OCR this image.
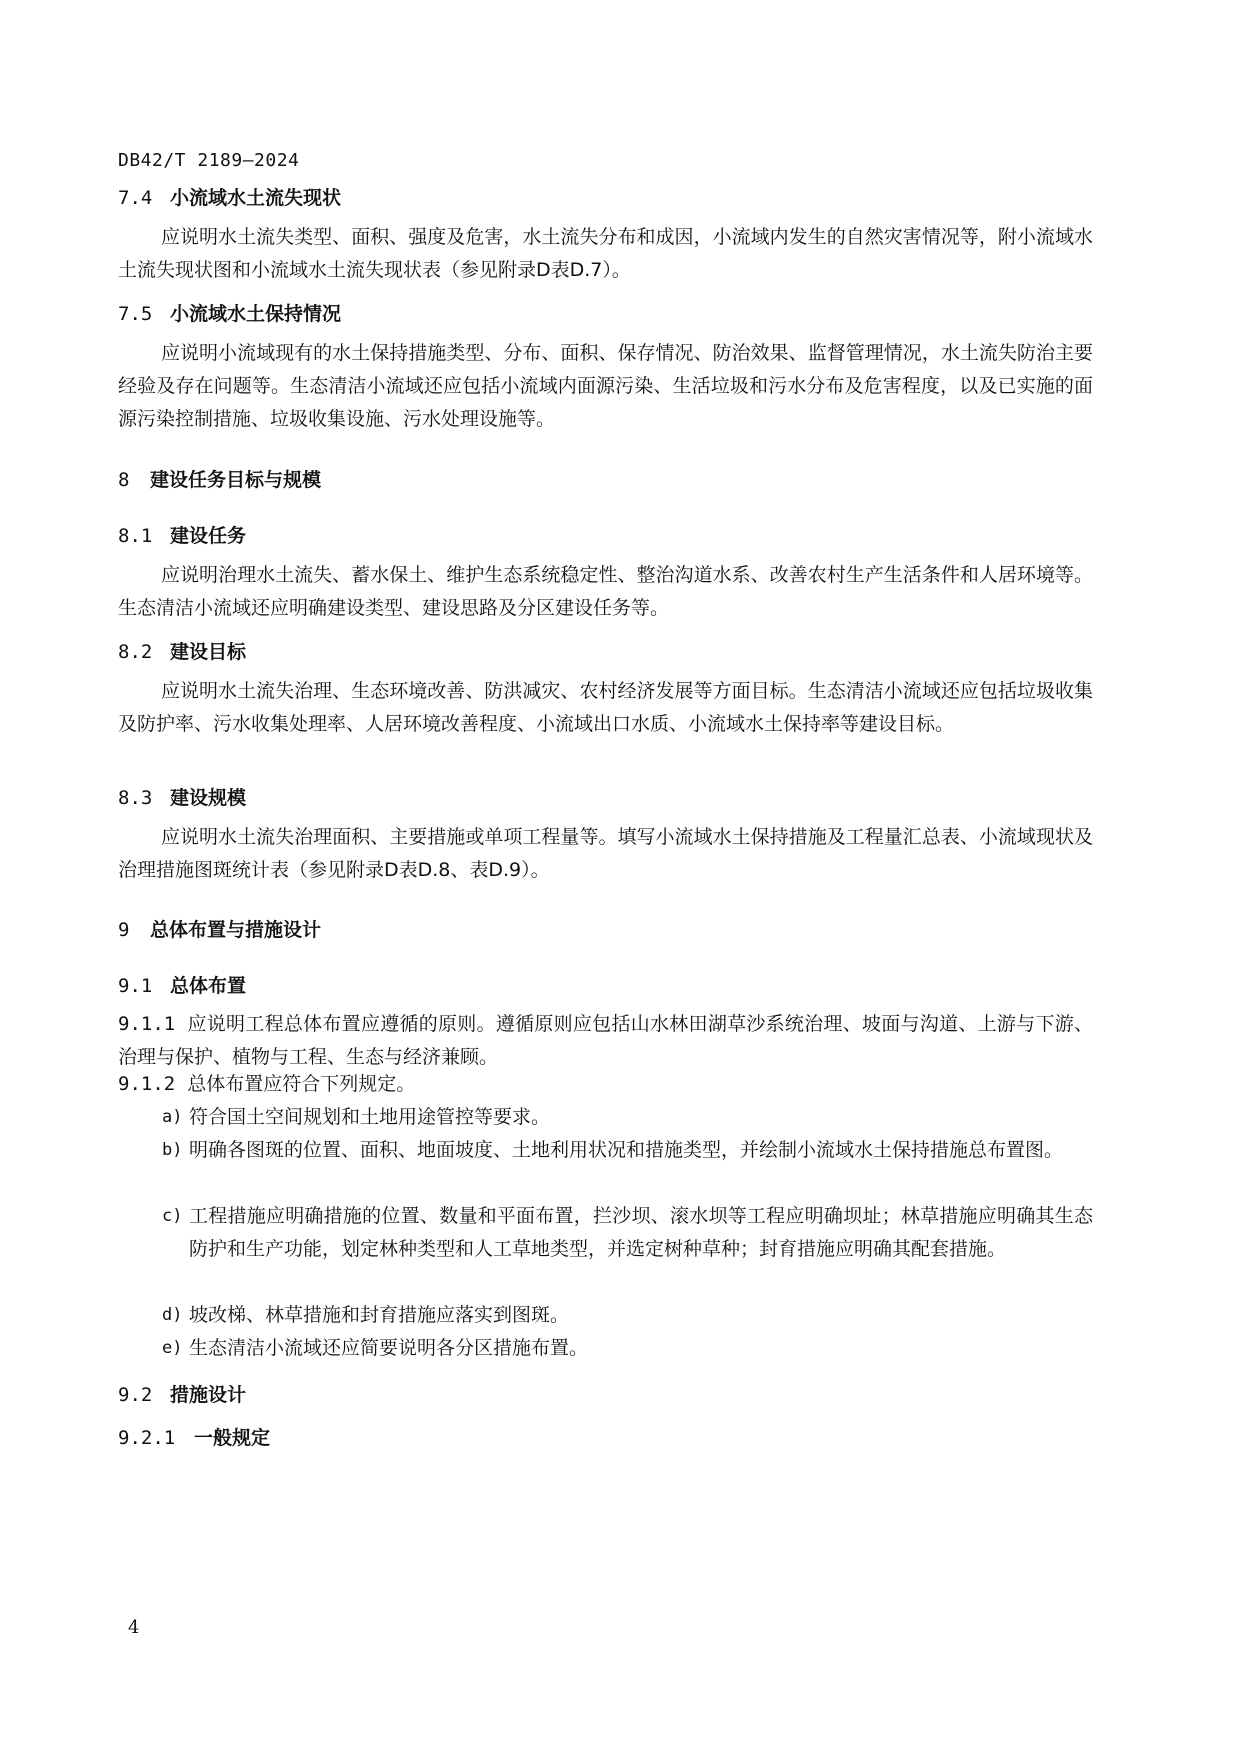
DB42/T 2189—2024
7.4 小流域水土流失现状
应说明水土流失类型、面积、强度及危害，水土流失分布和成因，小流域内发生的自然灾害情况等，附小流域水土流失现状图和小流域水土流失现状表（参见附录D表D.7）。
7.5 小流域水土保持情况
应说明小流域现有的水土保持措施类型、分布、面积、保存情况、防治效果、监督管理情况，水土流失防治主要经验及存在问题等。生态清洁小流域还应包括小流域内面源污染、生活垃圾和污水分布及危害程度，以及已实施的面源污染控制措施、垃圾收集设施、污水处理设施等。
8 建设任务目标与规模
8.1 建设任务
应说明治理水土流失、蓄水保土、维护生态系统稳定性、整治沟道水系、改善农村生产生活条件和人居环境等。生态清洁小流域还应明确建设类型、建设思路及分区建设任务等。
8.2 建设目标
应说明水土流失治理、生态环境改善、防洪减灾、农村经济发展等方面目标。生态清洁小流域还应包括垃圾收集及防护率、污水收集处理率、人居环境改善程度、小流域出口水质、小流域水土保持率等建设目标。
8.3 建设规模
应说明水土流失治理面积、主要措施或单项工程量等。填写小流域水土保持措施及工程量汇总表、小流域现状及治理措施图斑统计表（参见附录D表D.8、表D.9）。
9 总体布置与措施设计
9.1 总体布置
9.1.1 应说明工程总体布置应遵循的原则。遵循原则应包括山水林田湖草沙系统治理、坡面与沟道、上游与下游、治理与保护、植物与工程、生态与经济兼顾。
9.1.2 总体布置应符合下列规定。
a) 符合国土空间规划和土地用途管控等要求。
b) 明确各图斑的位置、面积、地面坡度、土地利用状况和措施类型，并绘制小流域水土保持措施总布置图。
c) 工程措施应明确措施的位置、数量和平面布置，拦沙坝、滚水坝等工程应明确坝址；林草措施应明确其生态防护和生产功能，划定林种类型和人工草地类型，并选定树种草种；封育措施应明确其配套措施。
d) 坡改梯、林草措施和封育措施应落实到图斑。
e) 生态清洁小流域还应简要说明各分区措施布置。
9.2 措施设计
9.2.1 一般规定
4
